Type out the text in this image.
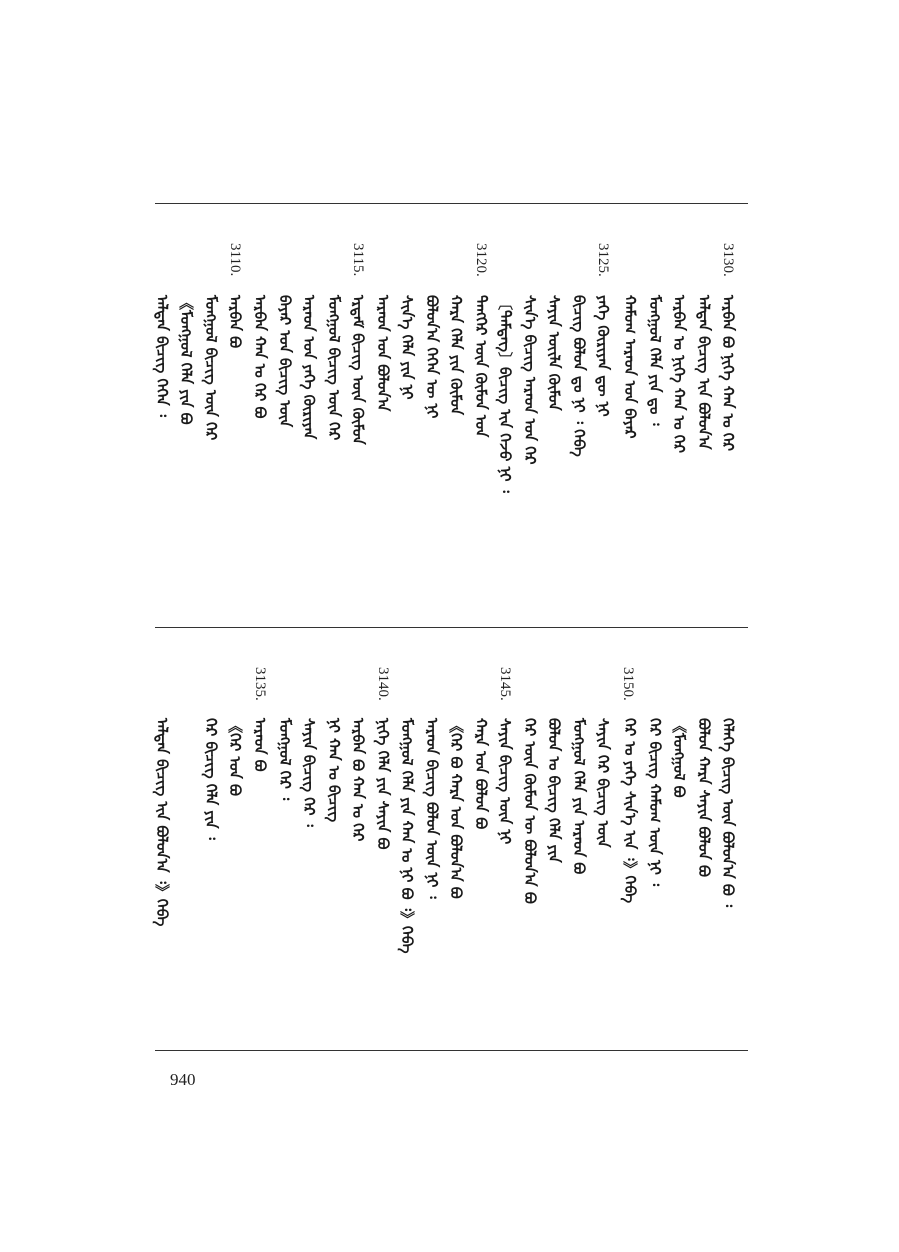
3130.
3125.
3120.
3115.
3110.
ᠠᠷᠪᠠᠨ ᠪᠣ ᠨᠢᠭᠡ ᠬᠠᠨ ᠤ ᠭᠡᠷ
ᠠᠯᠲᠠᠨ ᠪᠢᠴᠢᠭ ᠢᠨ ᠪᠣᠯᠤᠨ᠎ᠠ
ᠠᠷᠪᠠᠨ ᠤ ᠨᠢᠭᠡ ᠬᠠᠨ ᠤ ᠭᠡᠷ
ᠮᠣᠩᠭᠣᠯ ᠬᠡᠯᠡ ᠶᠢᠨ ᠳᠤ ᠄
ᠬᠠᠮᠤᠭ ᠠᠷᠠᠳ ᠤᠨ ᠪᠠᠶᠠᠷ
ᠶᠡᠬᠡ ᠬᠦᠷᠢᠶᠡᠨ ᠳᠦ ᠨᠢ
ᠪᠢᠴᠢᠭ ᠪᠣᠯᠤᠨ ᠳᠤ ᠨᠢ ᠄ ᠭᠡᠪᠡ
ᠰᠠᠶᠢᠨ ᠦᠢᠯᠡ ᠬᠦᠮᠦᠨ
ᠰᠢᠨ᠎ᠡ ᠪᠢᠴᠢᠭ ᠠᠷᠠᠳ ᠤᠨ ᠬᠡᠷ
〔ᠲᠡᠮᠳᠡᠭ〕ᠪᠢᠴᠢᠭ ᠢᠨ ᠭᠡᠵᠦ ᠨᠢ ᠄
ᠲᠡᠩᠭᠡᠷ ᠦᠨ ᠬᠦᠮᠦᠨ ᠤᠨ
ᠬᠠᠷᠠ ᠬᠡᠯᠡ ᠶᠢᠨ ᠬᠦᠮᠦᠨ
ᠪᠣᠯᠤᠨ᠎ᠠ ᠭᠡᠭᠡᠨ ᠦ ᠨᠢ
ᠰᠢᠨ᠎ᠡ ᠬᠡᠯᠡ ᠶᠢᠨ ᠨᠢ
ᠠᠷᠠᠳ ᠤᠨ ᠪᠣᠯᠤᠨ᠎ᠠ
ᠡᠷᠳᠡᠮ ᠪᠢᠴᠢᠭ ᠦᠨ ᠬᠦᠮᠦᠨ
ᠮᠣᠩᠭᠣᠯ ᠪᠢᠴᠢᠭ ᠦᠨ ᠭᠡᠷ
ᠠᠷᠠᠳ ᠤᠨ ᠶᠡᠬᠡ ᠬᠦᠷᠢᠶᠡᠨ
ᠪᠠᠶᠠᠷ ᠤᠨ ᠪᠢᠴᠢᠭ ᠦᠨ
ᠠᠷᠪᠠᠨ ᠬᠠᠨ ᠤ ᠭᠡᠷ ᠪᠣ
ᠠᠷᠪᠠᠨ ᠪᠣ
ᠮᠣᠩᠭᠣᠯ ᠪᠢᠴᠢᠭ ᠦᠨ ᠭᠡᠷ
《ᠮᠣᠩᠭᠣᠯ ᠬᠡᠯᠡ ᠶᠢᠨ ᠪᠣ
ᠠᠯᠲᠠᠨ ᠪᠢᠴᠢᠭ ᠭᠡᠭᠡᠨ ᠄
3150.
3145.
3140.
3135.
ᠬᠡᠯᠡᠭᠡ ᠪᠢᠴᠢᠭ ᠦᠨ ᠪᠣᠯᠤᠨ᠎ᠠ ᠪᠣ ᠄
ᠪᠣᠯᠤᠨ ᠬᠠᠷᠠ ᠰᠠᠶᠢᠨ ᠪᠣᠯᠤᠨ ᠪᠣ
《ᠮᠣᠩᠭᠣᠯ ᠪᠣ
ᠭᠡᠷ ᠪᠢᠴᠢᠭ ᠬᠠᠮᠤᠭ ᠦᠨ ᠨᠢ ᠄
ᠬᠡᠷ ᠤ ᠶᠡᠬᠡ ᠰᠢᠨ᠎ᠡ ᠢᠨ ᠄》ᠭᠡᠪᠡ
ᠰᠠᠶᠢᠨ ᠬᠡᠷ ᠪᠢᠴᠢᠭ ᠦᠨ
ᠮᠣᠩᠭᠣᠯ ᠬᠡᠯᠡ ᠶᠢᠨ ᠠᠷᠠᠳ ᠪᠣ
ᠪᠣᠯᠤᠨ ᠤ ᠪᠢᠴᠢᠭ ᠬᠡᠯᠡ ᠶᠢᠨ
ᠭᠡᠷ ᠦᠨ ᠬᠦᠮᠦᠨ ᠦ ᠪᠣᠯᠤᠨ᠎ᠠ ᠪᠣ
ᠰᠠᠶᠢᠨ ᠪᠢᠴᠢᠭ ᠦᠨ ᠨᠢ
ᠬᠠᠷᠠ ᠤᠨ ᠪᠣᠯᠤᠨ ᠪᠣ
《ᠭᠡᠷ ᠪᠣ ᠬᠠᠷᠠ ᠤᠨ ᠪᠣᠯᠤᠨ᠎ᠠ ᠪᠣ
ᠠᠷᠠᠳ ᠪᠢᠴᠢᠭ ᠪᠣᠯᠤᠨ ᠦᠨ ᠨᠢ ᠄
ᠮᠣᠩᠭᠣᠯ ᠬᠡᠯᠡ ᠶᠢᠨ ᠬᠠᠨ ᠤ ᠨᠢ ᠪᠣ ᠄》ᠭᠡᠪᠡ
ᠨᠢᠭᠡ ᠬᠡᠯᠡ ᠶᠢᠨ ᠰᠠᠶᠢᠨ ᠪᠣ
ᠠᠷᠪᠠᠨ ᠪᠣ ᠬᠠᠨ ᠤ ᠭᠡᠷ
ᠨᠢ ᠬᠠᠨ ᠤ ᠪᠢᠴᠢᠭ
ᠰᠠᠶᠢᠨ ᠪᠢᠴᠢᠭ ᠬᠡᠷ ᠄
ᠮᠣᠩᠭᠣᠯ ᠬᠡᠷ ᠄
ᠠᠷᠠᠳ ᠪᠣ
《ᠭᠡᠷ ᠤᠨ ᠪᠣ
ᠭᠡᠷ ᠪᠢᠴᠢᠭ ᠬᠡᠯᠡ ᠶᠢᠨ ᠄
ᠠᠯᠲᠠᠨ ᠪᠢᠴᠢᠭ ᠢᠨ ᠪᠣᠯᠤᠨ᠎ᠠ ᠄》ᠭᠡᠪᠡ
940
